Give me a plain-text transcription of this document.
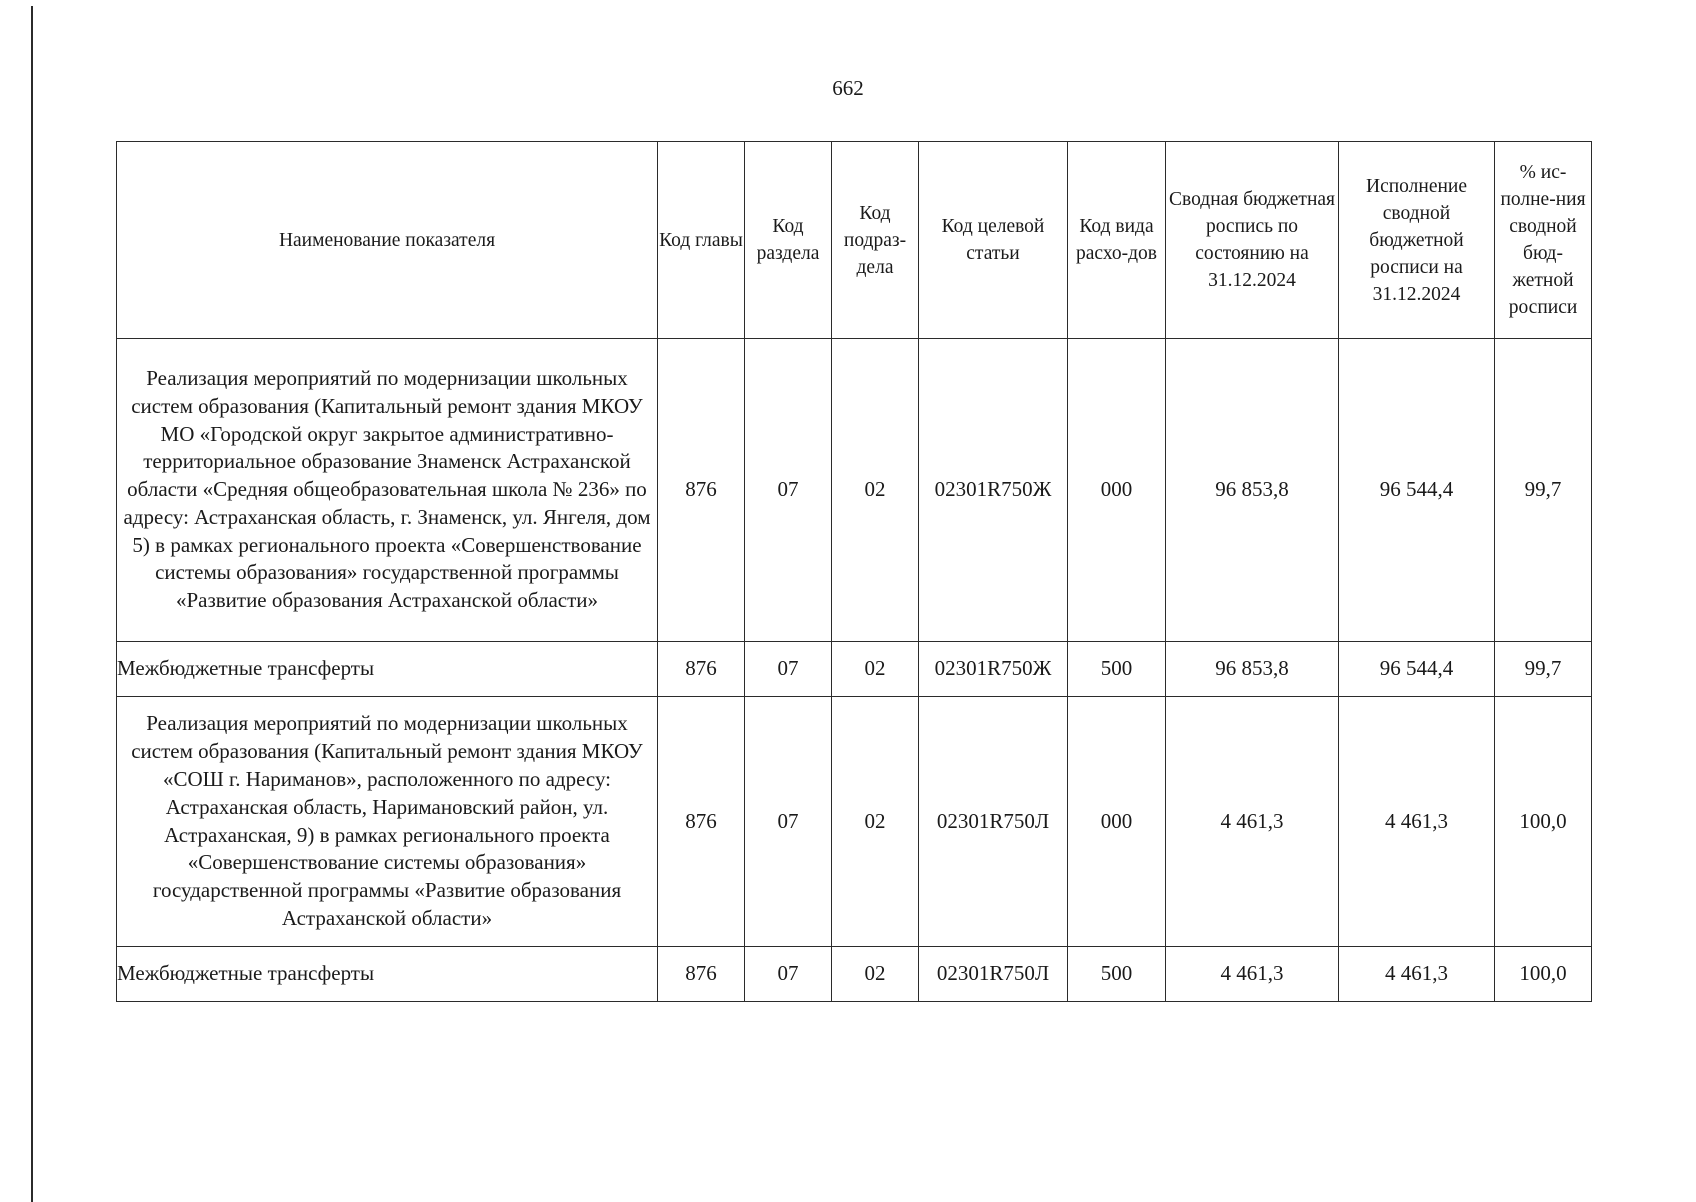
662
Наименование показателя	Код главы	Код раздела	Код подраз-дела	Код целевой статьи	Код вида расхо-дов	Сводная бюджетная роспись по состоянию на 31.12.2024	Исполнение сводной бюджетной росписи на 31.12.2024	% ис-полне-ния сводной бюд-жетной росписи
Реализация мероприятий по модернизации школьных систем образования (Капитальный ремонт здания МКОУ МО «Городской округ закрытое административно-территориальное образование Знаменск Астраханской области «Средняя общеобразовательная школа № 236» по адресу: Астраханская область, г. Знаменск, ул. Янгеля, дом 5) в рамках регионального проекта «Совершенствование системы образования» государственной программы «Развитие образования Астраханской области»	876	07	02	02301R750Ж	000	96 853,8	96 544,4	99,7
Межбюджетные трансферты	876	07	02	02301R750Ж	500	96 853,8	96 544,4	99,7
Реализация мероприятий по модернизации школьных систем образования (Капитальный ремонт здания МКОУ «СОШ г. Нариманов», расположенного по адресу: Астраханская область, Наримановский район, ул. Астраханская, 9) в рамках регионального проекта «Совершенствование системы образования» государственной программы «Развитие образования Астраханской области»	876	07	02	02301R750Л	000	4 461,3	4 461,3	100,0
Межбюджетные трансферты	876	07	02	02301R750Л	500	4 461,3	4 461,3	100,0
